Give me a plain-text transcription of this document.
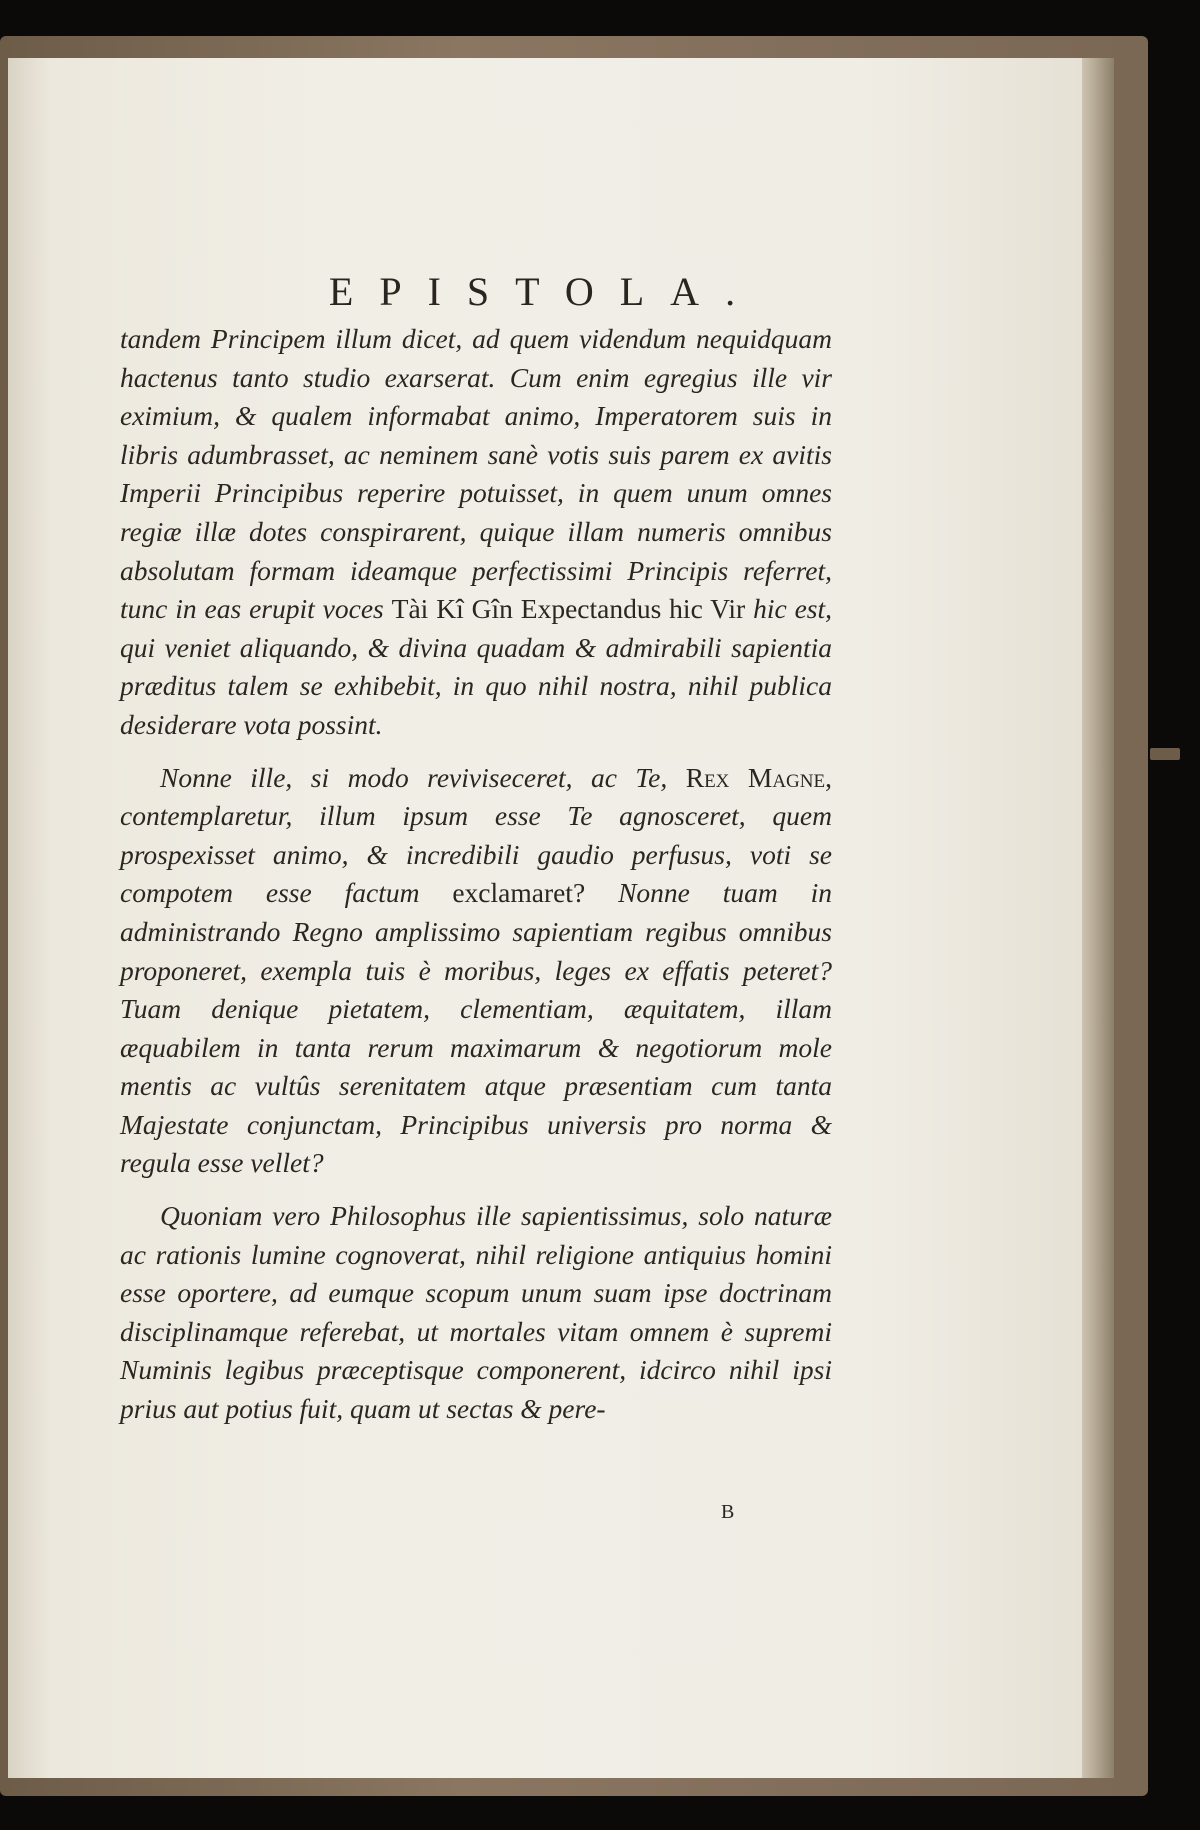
EPISTOLA.

tandem Principem illum dicet, ad quem videndum nequidquam hactenus tanto studio exarserat. Cum enim egregius ille vir eximium, & qualem informabat animo, Imperatorem suis in libris adumbrasset, ac neminem sanè votis suis parem ex avitis Imperii Principibus reperire potuisset, in quem unum omnes regiæ illæ dotes conspirarent, quique illam numeris omnibus absolutam formam ideamque perfectissimi Principis referret, tunc in eas erupit voces Tài Kî Gîn Expectandus hic Vir hic est, qui veniet aliquando, & divina quadam & admirabili sapientia præditus talem se exhibebit, in quo nihil nostra, nihil publica desiderare vota possint.

Nonne ille, si modo reviviseceret, ac Te, Rex Magne, contemplaretur, illum ipsum esse Te agnosceret, quem prospexisset animo, & incredibili gaudio perfusus, voti se compotem esse factum exclamaret? Nonne tuam in administrando Regno amplissimo sapientiam regibus omnibus proponeret, exempla tuis è moribus, leges ex effatis peteret? Tuam denique pietatem, clementiam, æquitatem, illam æquabilem in tanta rerum maximarum & negotiorum mole mentis ac vultûs serenitatem atque præsentiam cum tanta Majestate conjunctam, Principibus universis pro norma & regula esse vellet?

Quoniam vero Philosophus ille sapientissimus, solo naturæ ac rationis lumine cognoverat, nihil religione antiquius homini esse oportere, ad eumque scopum unum suam ipse doctrinam disciplinamque referebat, ut mortales vitam omnem è supremi Numinis legibus præceptisque componerent, idcirco nihil ipsi prius aut potius fuit, quam ut sectas & pere-

B
